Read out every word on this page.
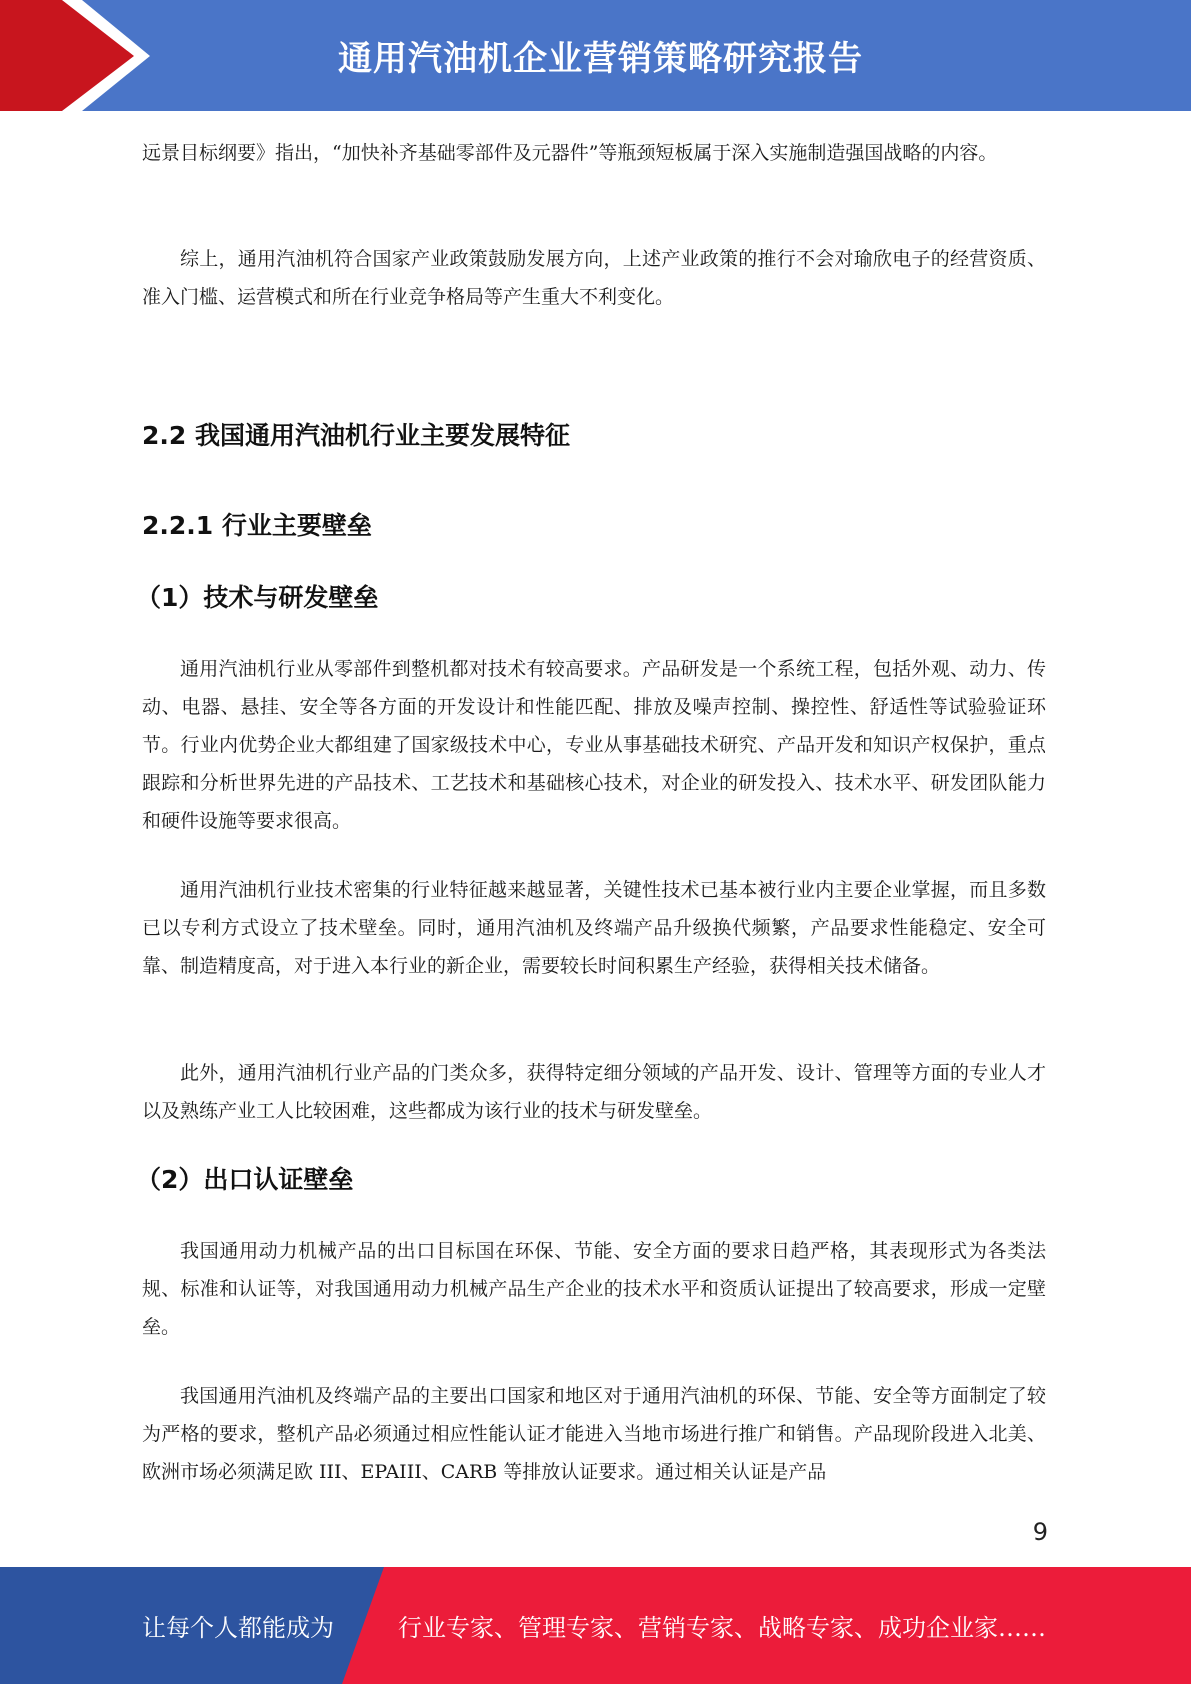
通用汽油机企业营销策略研究报告
远景目标纲要》指出，“加快补齐基础零部件及元器件”等瓶颈短板属于深入实施制造强国战略的内容。
综上，通用汽油机符合国家产业政策鼓励发展方向，上述产业政策的推行不会对瑜欣电子的经营资质、准入门槛、运营模式和所在行业竞争格局等产生重大不利变化。
2.2 我国通用汽油机行业主要发展特征
2.2.1 行业主要壁垒
（1）技术与研发壁垒
通用汽油机行业从零部件到整机都对技术有较高要求。产品研发是一个系统工程，包括外观、动力、传动、电器、悬挂、安全等各方面的开发设计和性能匹配、排放及噪声控制、操控性、舒适性等试验验证环节。行业内优势企业大都组建了国家级技术中心，专业从事基础技术研究、产品开发和知识产权保护，重点跟踪和分析世界先进的产品技术、工艺技术和基础核心技术，对企业的研发投入、技术水平、研发团队能力和硬件设施等要求很高。
通用汽油机行业技术密集的行业特征越来越显著，关键性技术已基本被行业内主要企业掌握，而且多数已以专利方式设立了技术壁垒。同时，通用汽油机及终端产品升级换代频繁，产品要求性能稳定、安全可靠、制造精度高，对于进入本行业的新企业，需要较长时间积累生产经验，获得相关技术储备。
此外，通用汽油机行业产品的门类众多，获得特定细分领域的产品开发、设计、管理等方面的专业人才以及熟练产业工人比较困难，这些都成为该行业的技术与研发壁垒。
（2）出口认证壁垒
我国通用动力机械产品的出口目标国在环保、节能、安全方面的要求日趋严格，其表现形式为各类法规、标准和认证等，对我国通用动力机械产品生产企业的技术水平和资质认证提出了较高要求，形成一定壁垒。
我国通用汽油机及终端产品的主要出口国家和地区对于通用汽油机的环保、节能、安全等方面制定了较为严格的要求，整机产品必须通过相应性能认证才能进入当地市场进行推广和销售。产品现阶段进入北美、欧洲市场必须满足欧 III、EPAIII、CARB 等排放认证要求。通过相关认证是产品
9
让每个人都能成为	行业专家、管理专家、营销专家、战略专家、成功企业家……
